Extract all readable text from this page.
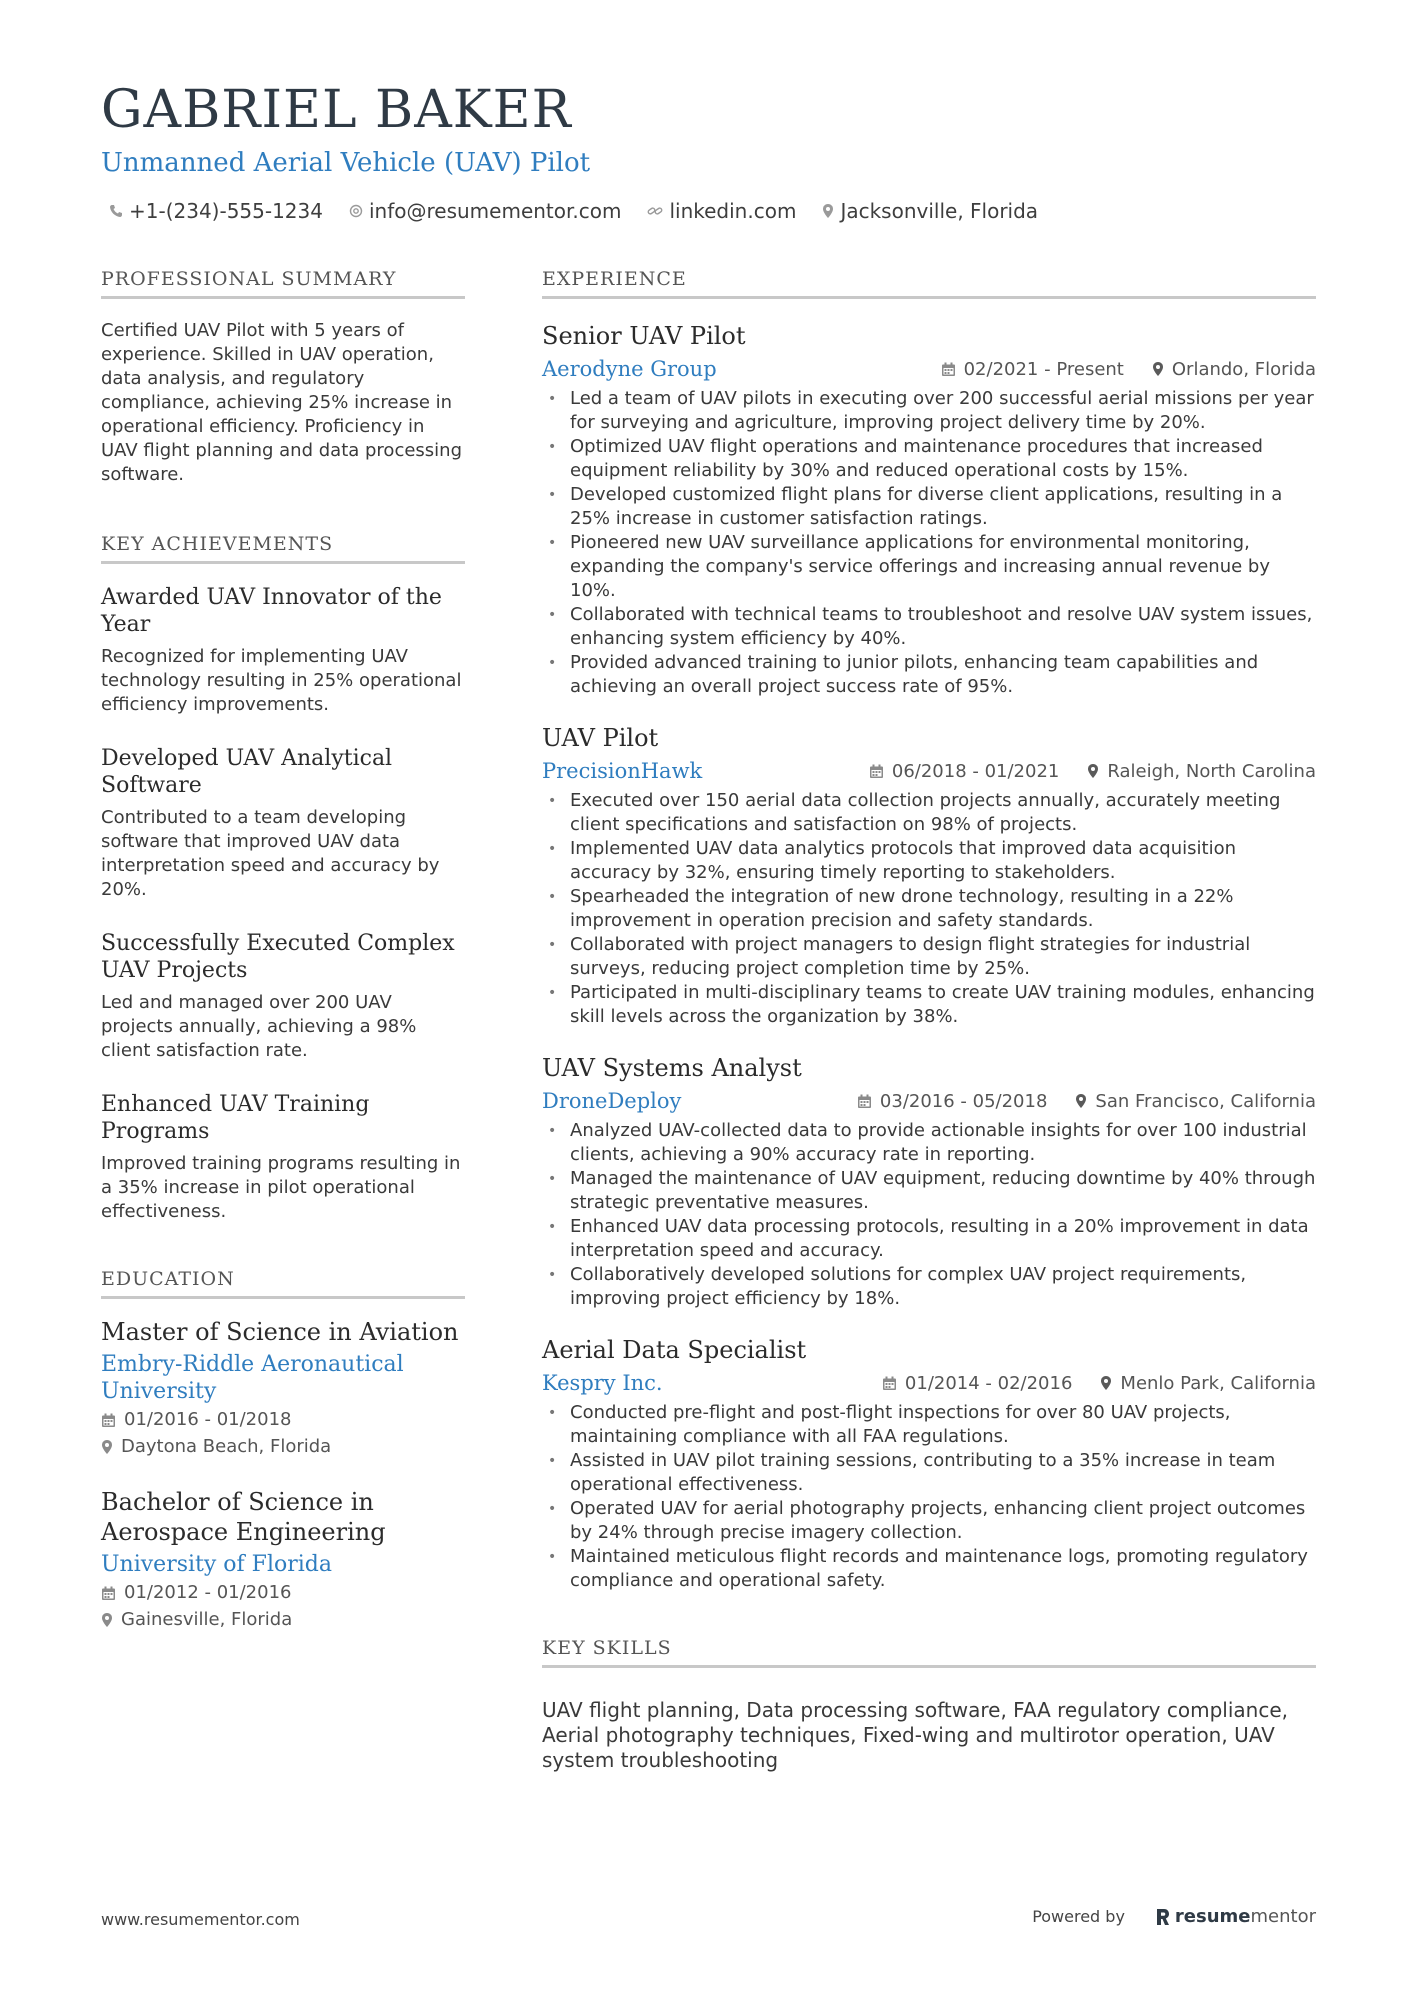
GABRIEL BAKER
Unmanned Aerial Vehicle (UAV) Pilot
+1-(234)-555-1234 info@resumementor.com linkedin.com Jacksonville, Florida
PROFESSIONAL SUMMARY
Certified UAV Pilot with 5 years of experience. Skilled in UAV operation, data analysis, and regulatory compliance, achieving 25% increase in operational efficiency. Proficiency in UAV flight planning and data processing software.
KEY ACHIEVEMENTS
Awarded UAV Innovator of the Year
Recognized for implementing UAV technology resulting in 25% operational efficiency improvements.
Developed UAV Analytical Software
Contributed to a team developing software that improved UAV data interpretation speed and accuracy by 20%.
Successfully Executed Complex UAV Projects
Led and managed over 200 UAV projects annually, achieving a 98% client satisfaction rate.
Enhanced UAV Training Programs
Improved training programs resulting in a 35% increase in pilot operational effectiveness.
EDUCATION
Master of Science in Aviation
Embry-Riddle Aeronautical University
01/2016 - 01/2018
Daytona Beach, Florida
Bachelor of Science in Aerospace Engineering
University of Florida
01/2012 - 01/2016
Gainesville, Florida
EXPERIENCE
Senior UAV Pilot
Aerodyne Group	02/2021 - Present	Orlando, Florida
• Led a team of UAV pilots in executing over 200 successful aerial missions per year for surveying and agriculture, improving project delivery time by 20%.
• Optimized UAV flight operations and maintenance procedures that increased equipment reliability by 30% and reduced operational costs by 15%.
• Developed customized flight plans for diverse client applications, resulting in a 25% increase in customer satisfaction ratings.
• Pioneered new UAV surveillance applications for environmental monitoring, expanding the company's service offerings and increasing annual revenue by 10%.
• Collaborated with technical teams to troubleshoot and resolve UAV system issues, enhancing system efficiency by 40%.
• Provided advanced training to junior pilots, enhancing team capabilities and achieving an overall project success rate of 95%.
UAV Pilot
PrecisionHawk	06/2018 - 01/2021	Raleigh, North Carolina
• Executed over 150 aerial data collection projects annually, accurately meeting client specifications and satisfaction on 98% of projects.
• Implemented UAV data analytics protocols that improved data acquisition accuracy by 32%, ensuring timely reporting to stakeholders.
• Spearheaded the integration of new drone technology, resulting in a 22% improvement in operation precision and safety standards.
• Collaborated with project managers to design flight strategies for industrial surveys, reducing project completion time by 25%.
• Participated in multi-disciplinary teams to create UAV training modules, enhancing skill levels across the organization by 38%.
UAV Systems Analyst
DroneDeploy	03/2016 - 05/2018	San Francisco, California
• Analyzed UAV-collected data to provide actionable insights for over 100 industrial clients, achieving a 90% accuracy rate in reporting.
• Managed the maintenance of UAV equipment, reducing downtime by 40% through strategic preventative measures.
• Enhanced UAV data processing protocols, resulting in a 20% improvement in data interpretation speed and accuracy.
• Collaboratively developed solutions for complex UAV project requirements, improving project efficiency by 18%.
Aerial Data Specialist
Kespry Inc.	01/2014 - 02/2016	Menlo Park, California
• Conducted pre-flight and post-flight inspections for over 80 UAV projects, maintaining compliance with all FAA regulations.
• Assisted in UAV pilot training sessions, contributing to a 35% increase in team operational effectiveness.
• Operated UAV for aerial photography projects, enhancing client project outcomes by 24% through precise imagery collection.
• Maintained meticulous flight records and maintenance logs, promoting regulatory compliance and operational safety.
KEY SKILLS
UAV flight planning, Data processing software, FAA regulatory compliance, Aerial photography techniques, Fixed-wing and multirotor operation, UAV system troubleshooting
www.resumementor.com	Powered by	resume mentor
